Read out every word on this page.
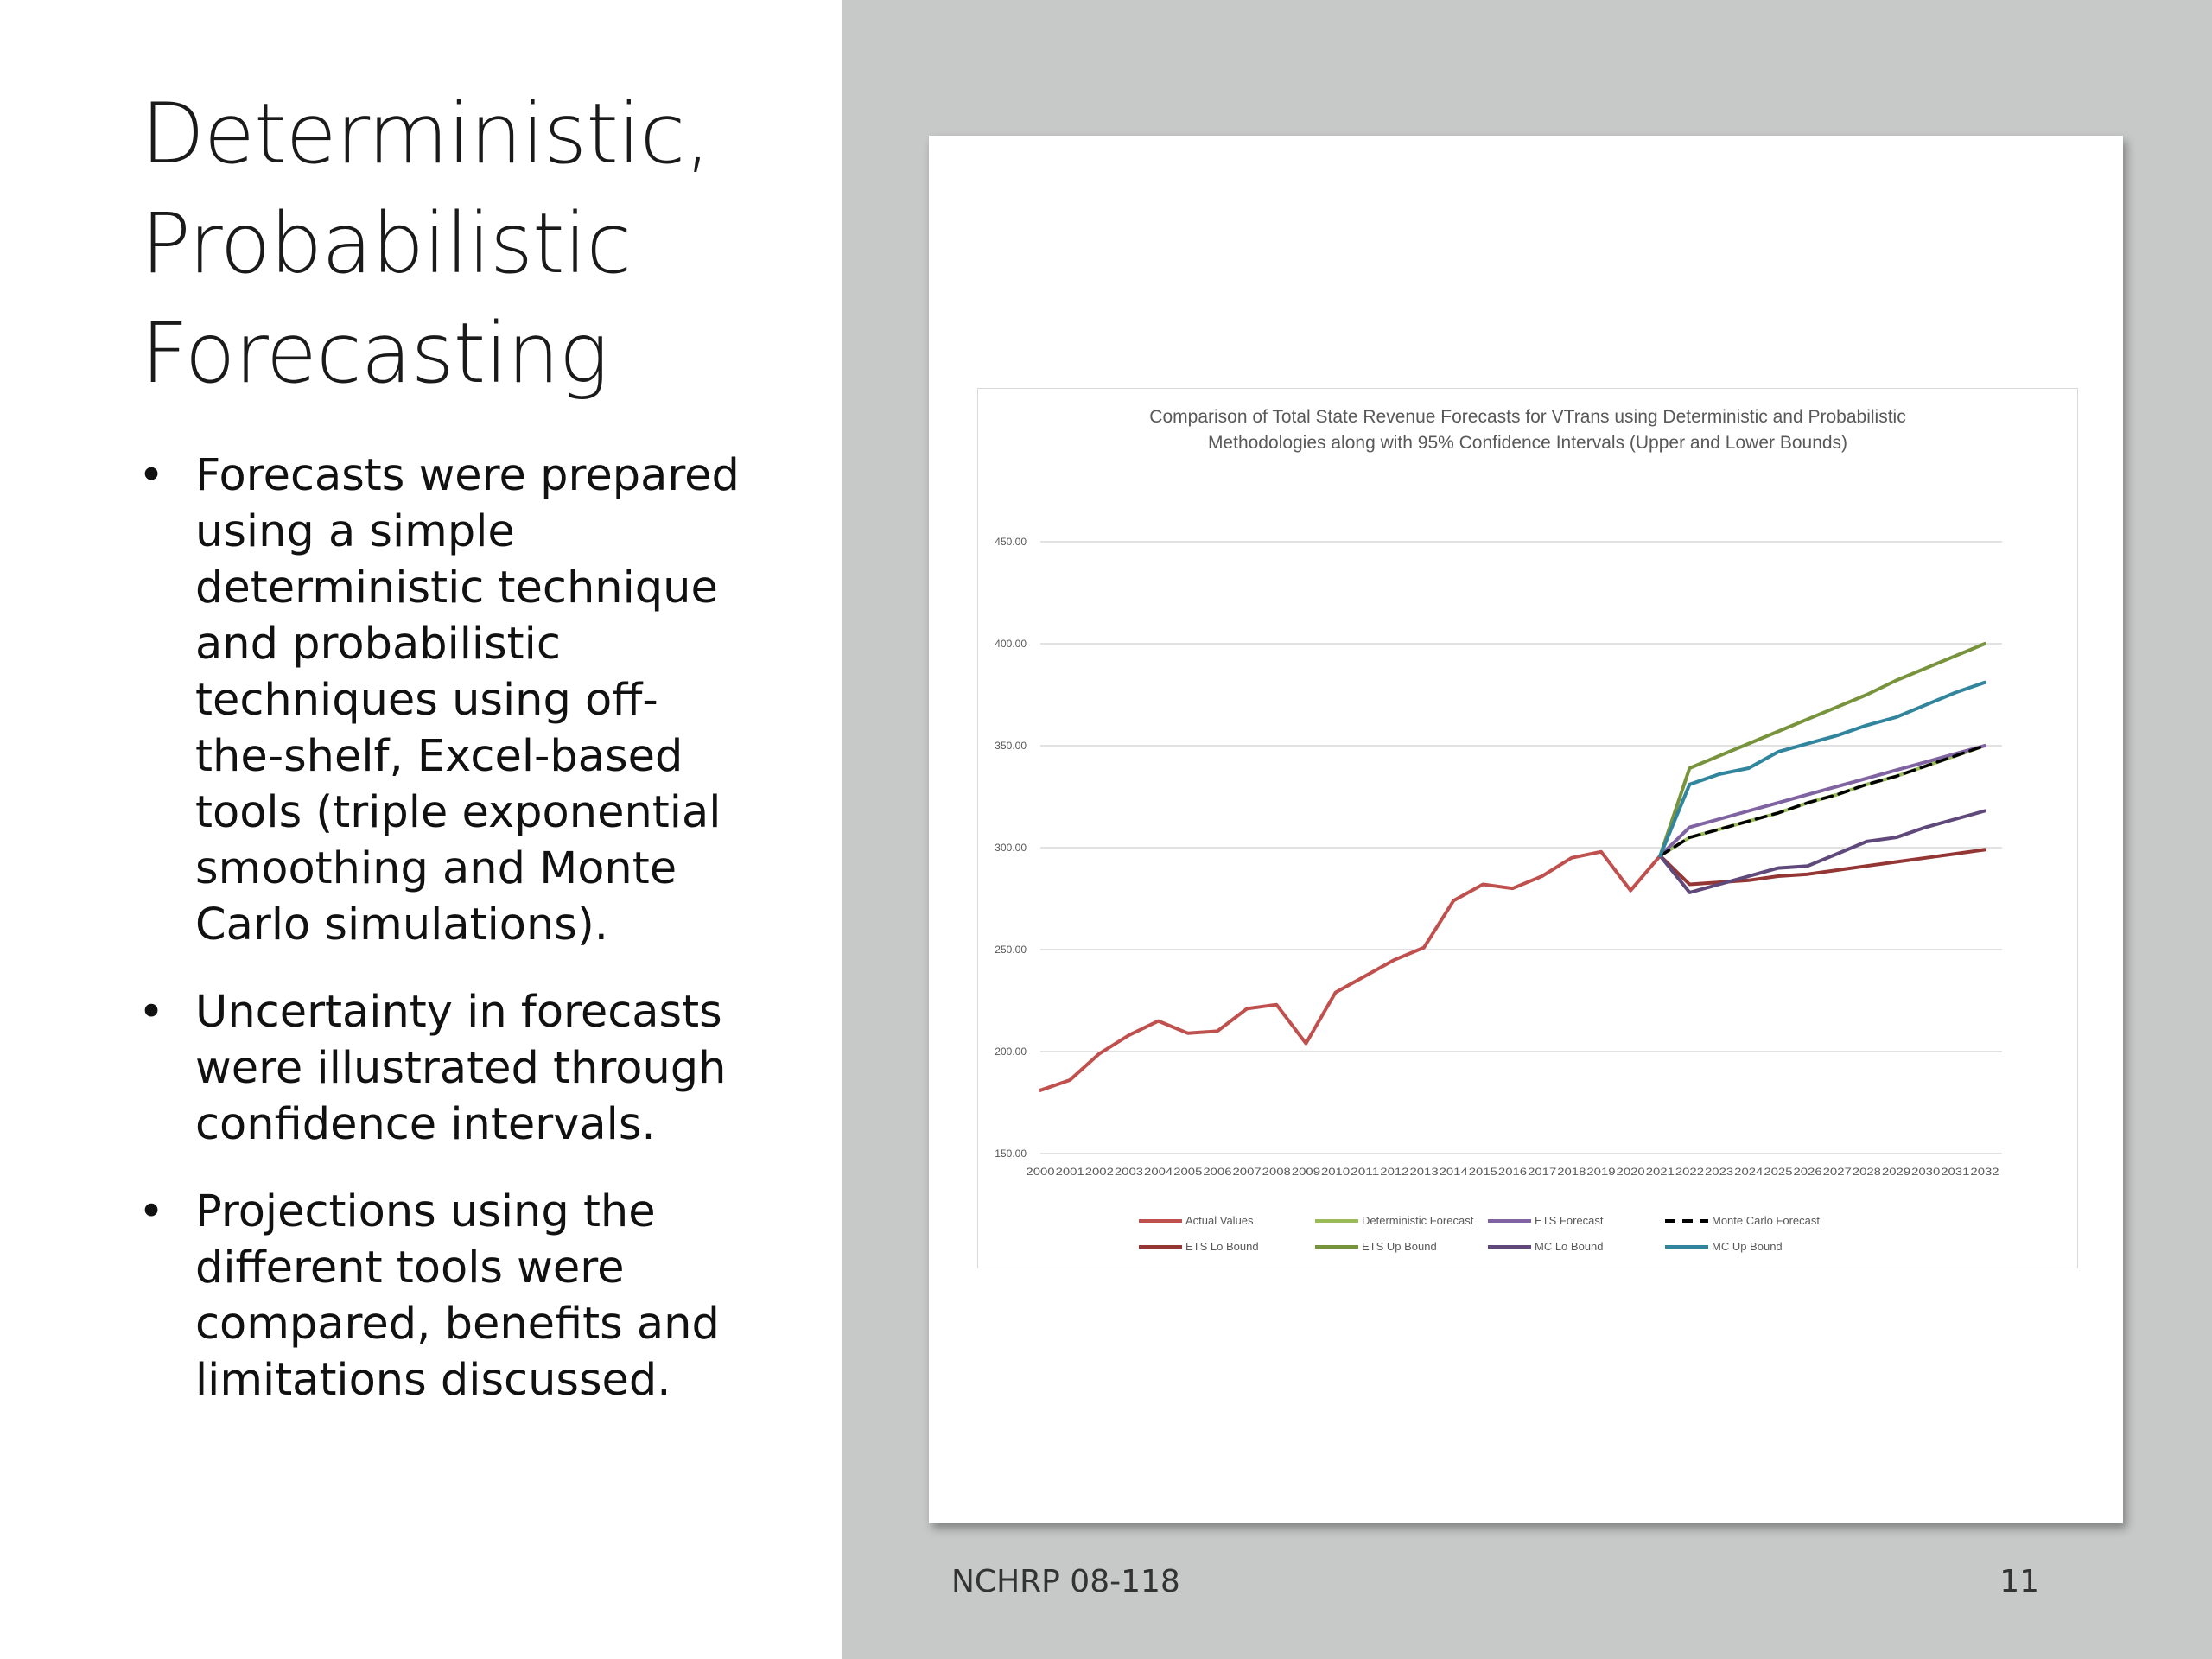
Deterministic,
Probabilistic
Forecasting
• Forecasts were prepared using a simple deterministic technique and probabilistic techniques using off-the-shelf, Excel-based tools (triple exponential smoothing and Monte Carlo simulations).
• Uncertainty in forecasts were illustrated through confidence intervals.
• Projections using the different tools were compared, benefits and limitations discussed.
Comparison of Total State Revenue Forecasts for VTrans using Deterministic and Probabilistic
Methodologies along with 95% Confidence Intervals (Upper and Lower Bounds)
150.00
200.00
250.00
300.00
350.00
400.00
450.00
2000 2001 2002 2003 2004 2005 2006 2007 2008 2009 2010 2011 2012 2013 2014 2015 2016 2017 2018 2019 2020 2021 2022 2023 2024 2025 2026 2027 2028 2029 2030 2031 2032
Actual Values	Deterministic Forecast	ETS Forecast	Monte Carlo Forecast
ETS Lo Bound	ETS Up Bound	MC Lo Bound	MC Up Bound
NCHRP 08-118	11
